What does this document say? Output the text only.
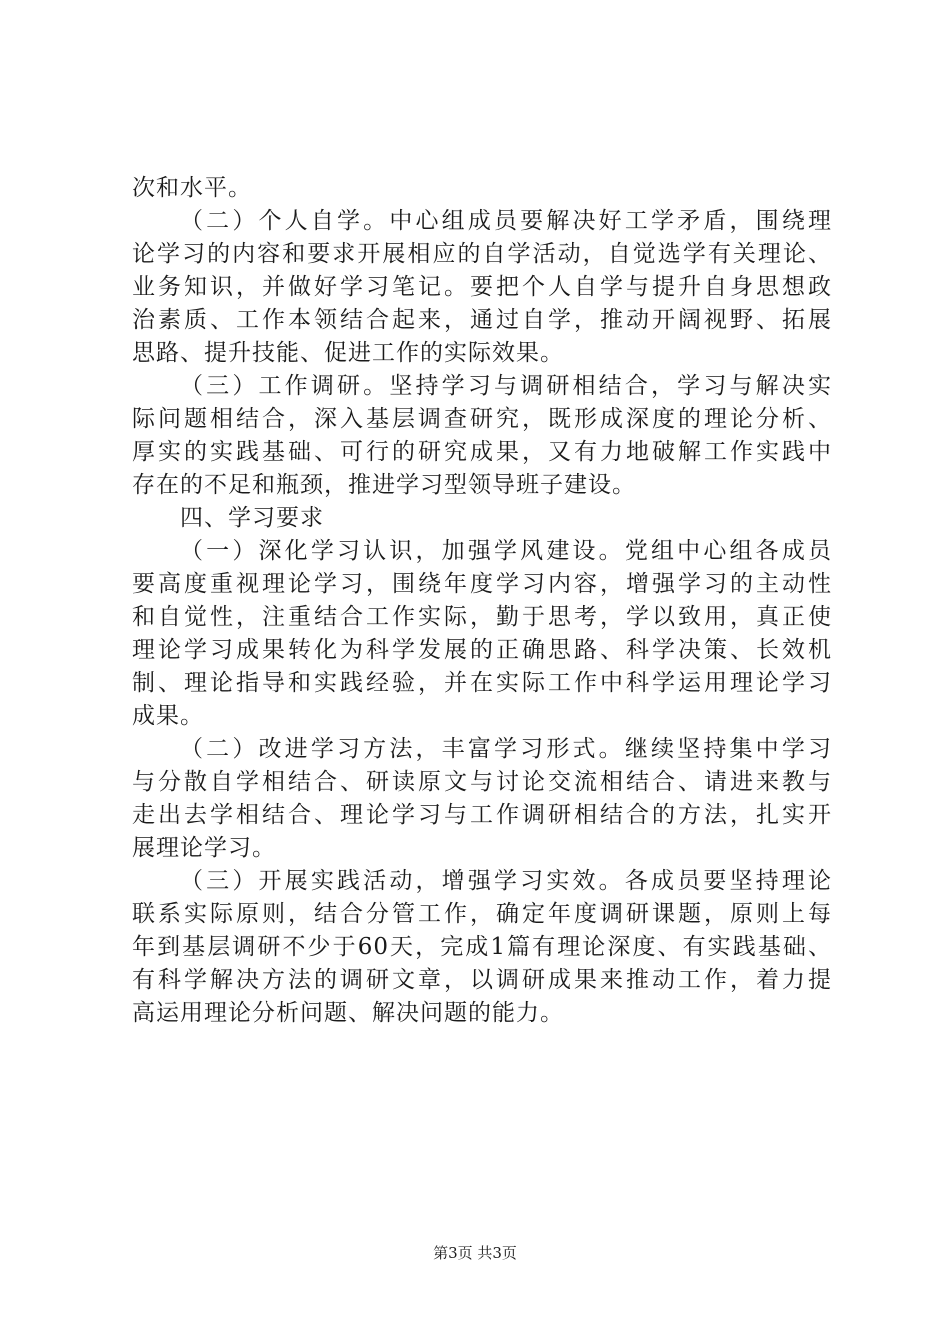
次和水平。
（二）个人自学。中心组成员要解决好工学矛盾，围绕理
论学习的内容和要求开展相应的自学活动，自觉选学有关理论、
业务知识，并做好学习笔记。要把个人自学与提升自身思想政
治素质、工作本领结合起来，通过自学，推动开阔视野、拓展
思路、提升技能、促进工作的实际效果。
（三）工作调研。坚持学习与调研相结合，学习与解决实
际问题相结合，深入基层调查研究，既形成深度的理论分析、
厚实的实践基础、可行的研究成果，又有力地破解工作实践中
存在的不足和瓶颈，推进学习型领导班子建设。
四、学习要求
（一）深化学习认识，加强学风建设。党组中心组各成员
要高度重视理论学习，围绕年度学习内容，增强学习的主动性
和自觉性，注重结合工作实际，勤于思考，学以致用，真正使
理论学习成果转化为科学发展的正确思路、科学决策、长效机
制、理论指导和实践经验，并在实际工作中科学运用理论学习
成果。
（二）改进学习方法，丰富学习形式。继续坚持集中学习
与分散自学相结合、研读原文与讨论交流相结合、请进来教与
走出去学相结合、理论学习与工作调研相结合的方法，扎实开
展理论学习。
（三）开展实践活动，增强学习实效。各成员要坚持理论
联系实际原则，结合分管工作，确定年度调研课题，原则上每
年到基层调研不少于60天，完成1篇有理论深度、有实践基础、
有科学解决方法的调研文章，以调研成果来推动工作，着力提
高运用理论分析问题、解决问题的能力。
第3页 共3页
